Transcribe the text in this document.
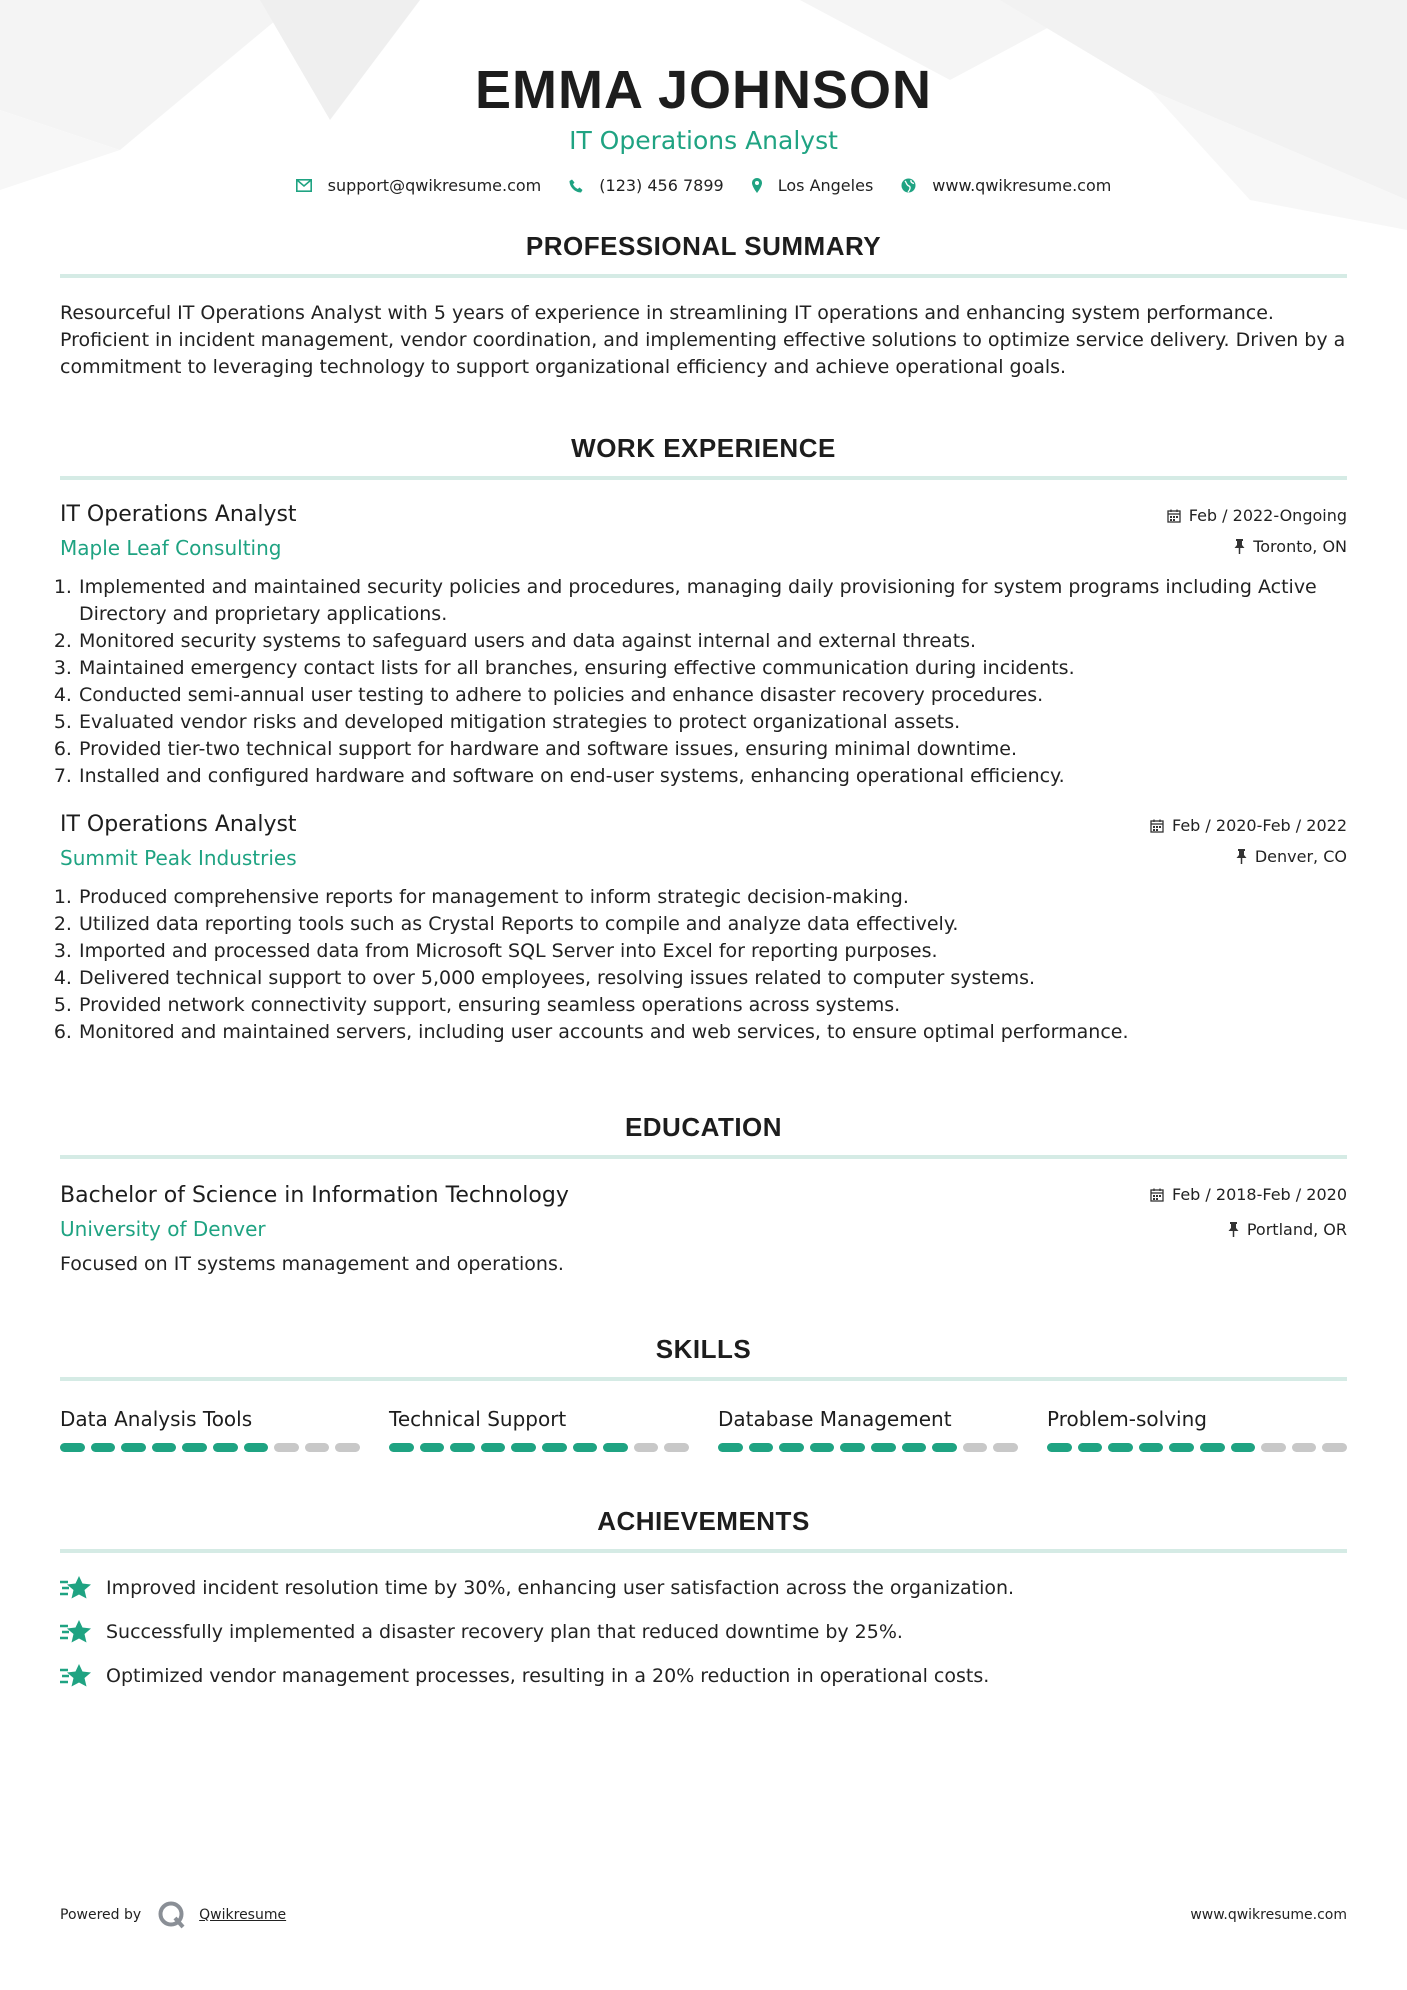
EMMA JOHNSON
IT Operations Analyst
support@qwikresume.com	(123) 456 7899	Los Angeles	www.qwikresume.com
PROFESSIONAL SUMMARY

Resourceful IT Operations Analyst with 5 years of experience in streamlining IT operations and enhancing system performance. Proficient in incident management, vendor coordination, and implementing effective solutions to optimize service delivery. Driven by a commitment to leveraging technology to support organizational efficiency and achieve operational goals.

WORK EXPERIENCE
IT Operations Analyst
Maple Leaf Consulting
Feb / 2022-Ongoing
Toronto, ON
1. Implemented and maintained security policies and procedures, managing daily provisioning for system programs including Active Directory and proprietary applications.
2. Monitored security systems to safeguard users and data against internal and external threats.
3. Maintained emergency contact lists for all branches, ensuring effective communication during incidents.
4. Conducted semi-annual user testing to adhere to policies and enhance disaster recovery procedures.
5. Evaluated vendor risks and developed mitigation strategies to protect organizational assets.
6. Provided tier-two technical support for hardware and software issues, ensuring minimal downtime.
7. Installed and configured hardware and software on end-user systems, enhancing operational efficiency.
IT Operations Analyst
Summit Peak Industries
Feb / 2020-Feb / 2022
Denver, CO
1. Produced comprehensive reports for management to inform strategic decision-making.
2. Utilized data reporting tools such as Crystal Reports to compile and analyze data effectively.
3. Imported and processed data from Microsoft SQL Server into Excel for reporting purposes.
4. Delivered technical support to over 5,000 employees, resolving issues related to computer systems.
5. Provided network connectivity support, ensuring seamless operations across systems.
6. Monitored and maintained servers, including user accounts and web services, to ensure optimal performance.
EDUCATION
Bachelor of Science in Information Technology
University of Denver
Feb / 2018-Feb / 2020
Portland, OR

Focused on IT systems management and operations.

SKILLS
Data Analysis Tools	Technical Support	Database Management	Problem-solving
ACHIEVEMENTS
Improved incident resolution time by 30%, enhancing user satisfaction across the organization.
Successfully implemented a disaster recovery plan that reduced downtime by 25%.
Optimized vendor management processes, resulting in a 20% reduction in operational costs.
Powered by	Qwikresume	www.qwikresume.com
